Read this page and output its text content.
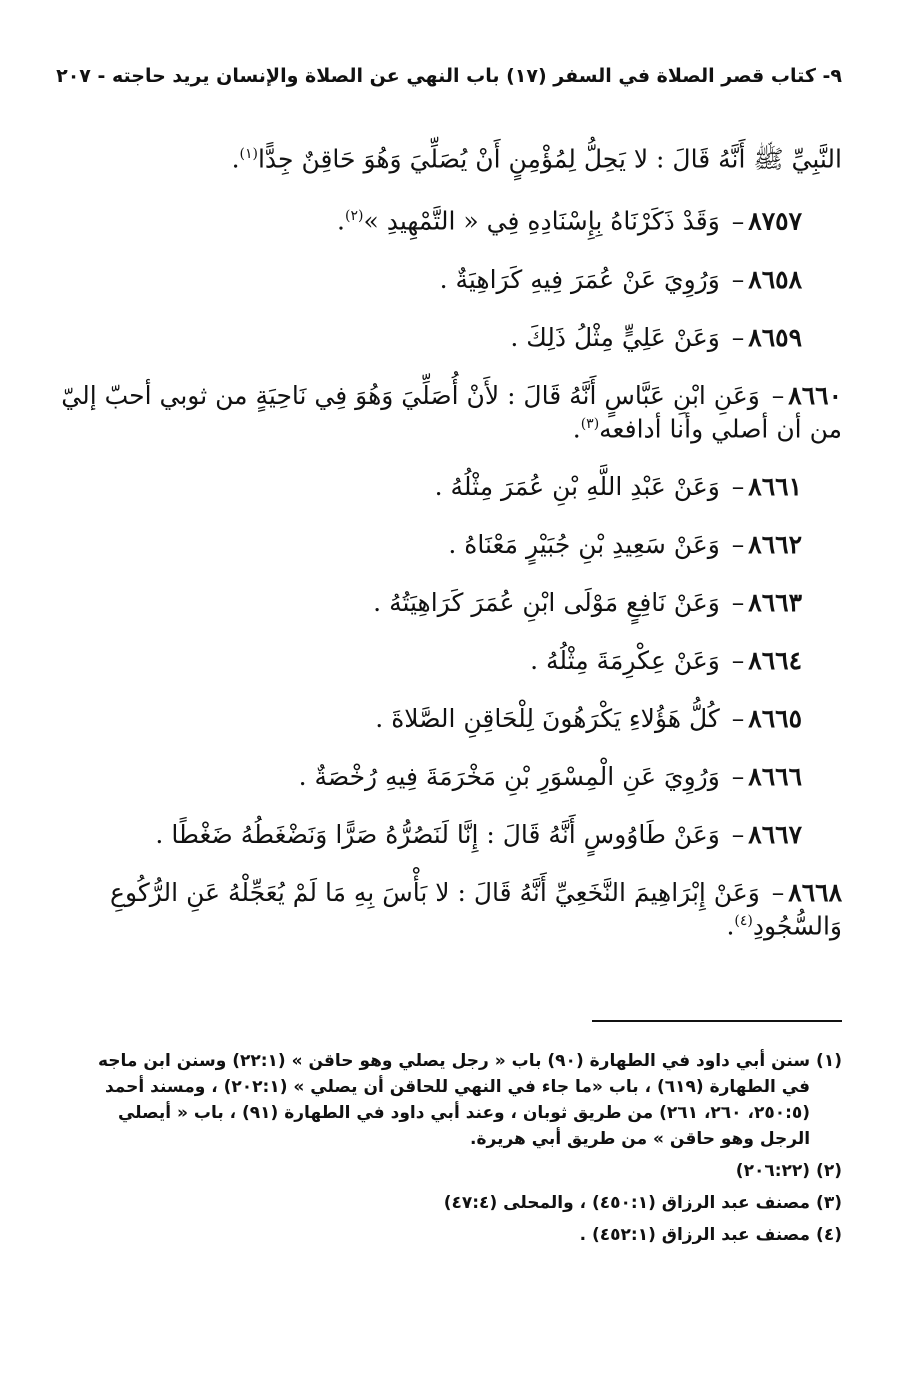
٩- كتاب قصر الصلاة في السفر (١٧) باب النهي عن الصلاة والإنسان يريد حاجته - ٢٠٧
النَّبِيِّ ﷺ أَنَّهُ قَالَ : لا يَحِلُّ لِمُؤْمِنٍ أَنْ يُصَلِّيَ وَهُوَ حَاقِنٌ جِدًّا$^{(١)}$.
٨٧٥٧– وَقَدْ ذَكَرْنَاهُ بِإِسْنَادِهِ فِي « التَّمْهِيدِ »$^{(٢)}$.
٨٦٥٨– وَرُوِيَ عَنْ عُمَرَ فِيهِ كَرَاهِيَةٌ .
٨٦٥٩– وَعَنْ عَلِيٍّ مِثْلُ ذَلِكَ .
٨٦٦٠– وَعَنِ ابْنِ عَبَّاسٍ أَنَّهُ قَالَ : لأَنْ أُصَلِّيَ وَهُوَ فِي نَاحِيَةٍ من ثوبي أحبّ إليّ من أن أصلي وأنا أدافعه$^{(٣)}$.
٨٦٦١– وَعَنْ عَبْدِ اللَّهِ بْنِ عُمَرَ مِثْلُهُ .
٨٦٦٢– وَعَنْ سَعِيدِ بْنِ جُبَيْرٍ مَعْنَاهُ .
٨٦٦٣– وَعَنْ نَافِعٍ مَوْلَى ابْنِ عُمَرَ كَرَاهِيَتُهُ .
٨٦٦٤– وَعَنْ عِكْرِمَةَ مِثْلُهُ .
٨٦٦٥– كُلُّ هَؤُلاءِ يَكْرَهُونَ لِلْحَاقِنِ الصَّلاةَ .
٨٦٦٦– وَرُوِيَ عَنِ الْمِسْوَرِ بْنِ مَخْرَمَةَ فِيهِ رُخْصَةٌ .
٨٦٦٧– وَعَنْ طَاوُوسٍ أَنَّهُ قَالَ : إِنَّا لَنَصُرُّهُ صَرًّا وَنَضْغَطُهُ ضَغْطًا .
٨٦٦٨– وَعَنْ إِبْرَاهِيمَ النَّخَعِيِّ أَنَّهُ قَالَ : لا بَأْسَ بِهِ مَا لَمْ يُعَجِّلْهُ عَنِ الرُّكُوعِ وَالسُّجُودِ$^{(٤)}$.
(١)
سنن أبي داود في الطهارة (٩٠) باب « رجل يصلي وهو حاقن » (٢٢:١) وسنن ابن ماجه في الطهارة (٦١٩) ، باب «ما جاء في النهي للحاقن أن يصلي » (٢٠٢:١) ، ومسند أحمد (٢٥٠:٥، ٢٦٠، ٢٦١) من طريق ثوبان ، وعند أبي داود في الطهارة (٩١) ، باب « أيصلي الرجل وهو حاقن » من طريق أبي هريرة.
(٢)
(٢٠٦:٢٢)
(٣)
مصنف عبد الرزاق (٤٥٠:١) ، والمحلى (٤٧:٤)
(٤)
مصنف عبد الرزاق (٤٥٢:١) .
